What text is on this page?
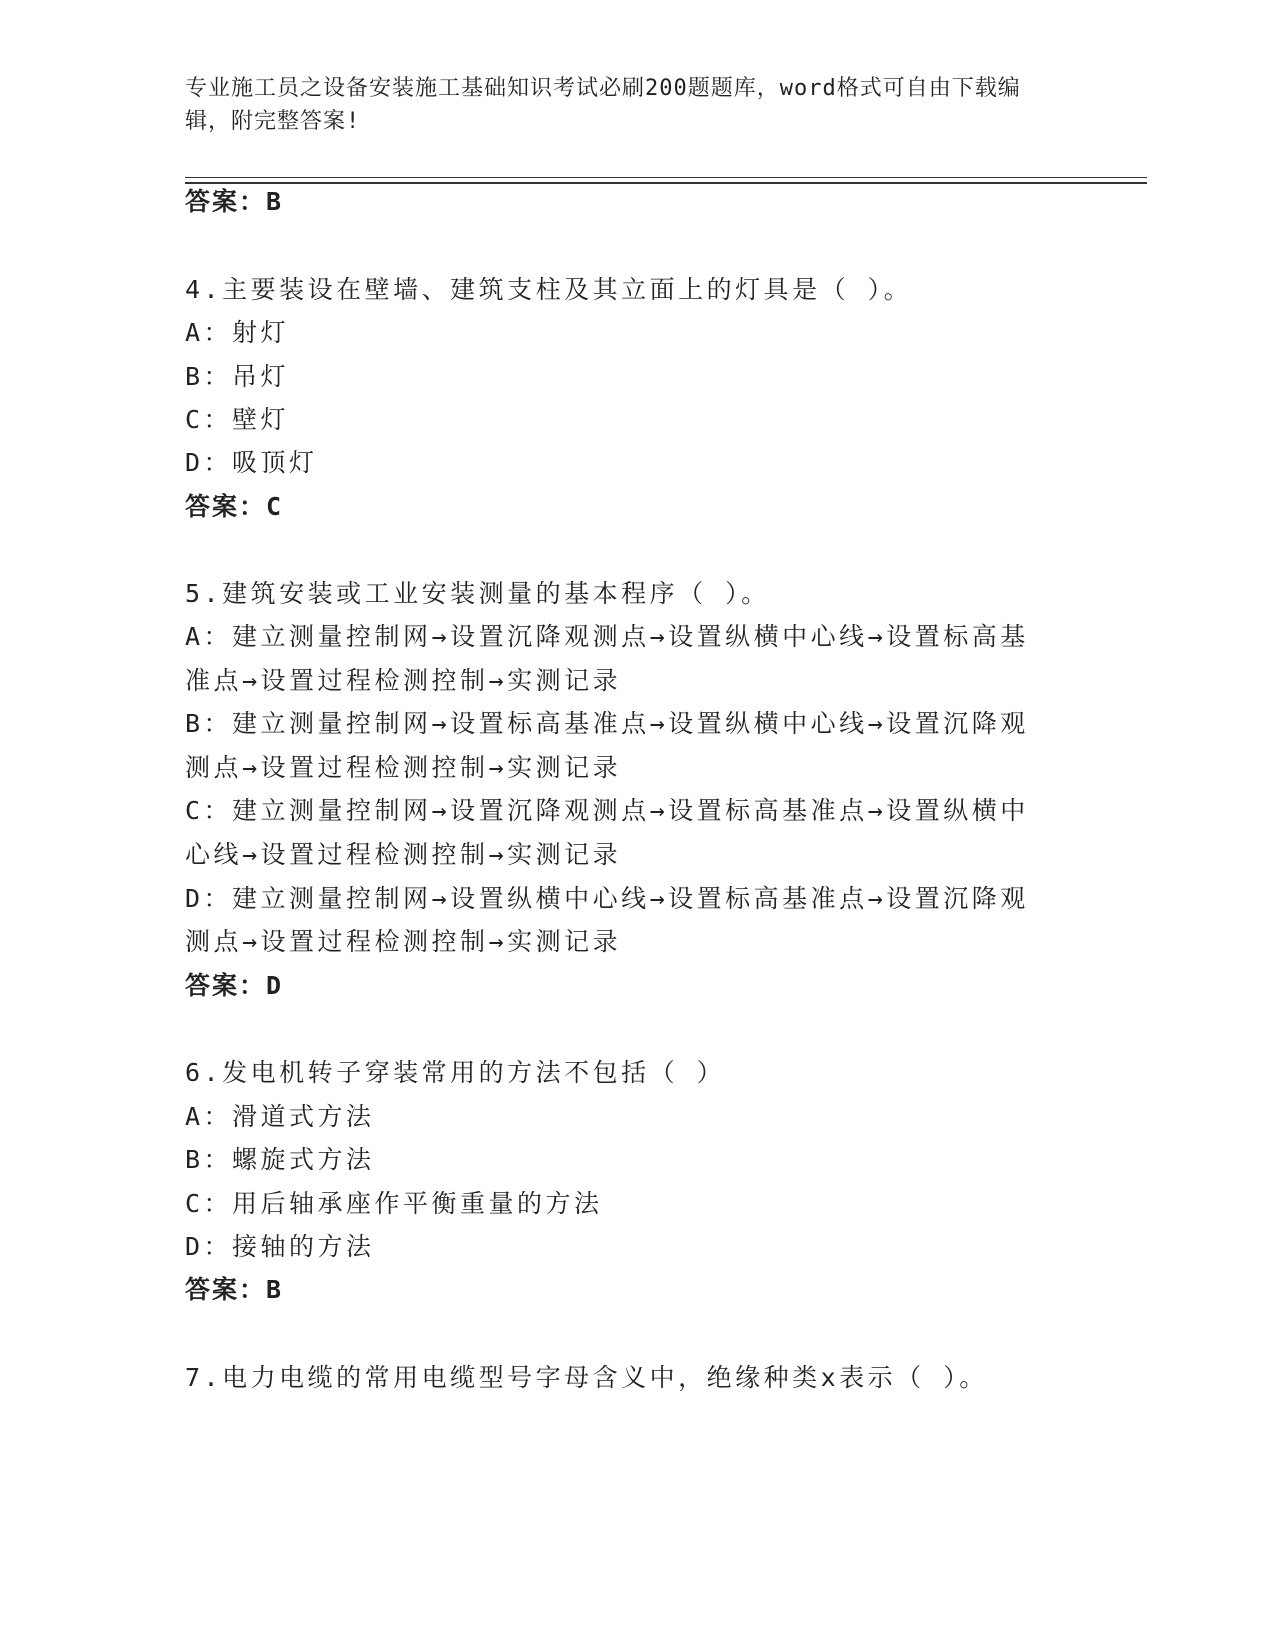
专业施工员之设备安装施工基础知识考试必刷200题题库，word格式可自由下载编辑，附完整答案!
答案：B
4.主要装设在壁墙、建筑支柱及其立面上的灯具是（ ）。
A：射灯
B：吊灯
C：壁灯
D：吸顶灯
答案：C
5.建筑安装或工业安装测量的基本程序（ ）。
A：建立测量控制网→设置沉降观测点→设置纵横中心线→设置标高基
准点→设置过程检测控制→实测记录
B：建立测量控制网→设置标高基准点→设置纵横中心线→设置沉降观
测点→设置过程检测控制→实测记录
C：建立测量控制网→设置沉降观测点→设置标高基准点→设置纵横中
心线→设置过程检测控制→实测记录
D：建立测量控制网→设置纵横中心线→设置标高基准点→设置沉降观
测点→设置过程检测控制→实测记录
答案：D
6.发电机转子穿装常用的方法不包括（ ）
A：滑道式方法
B：螺旋式方法
C：用后轴承座作平衡重量的方法
D：接轴的方法
答案：B
7.电力电缆的常用电缆型号字母含义中，绝缘种类x表示（ ）。
